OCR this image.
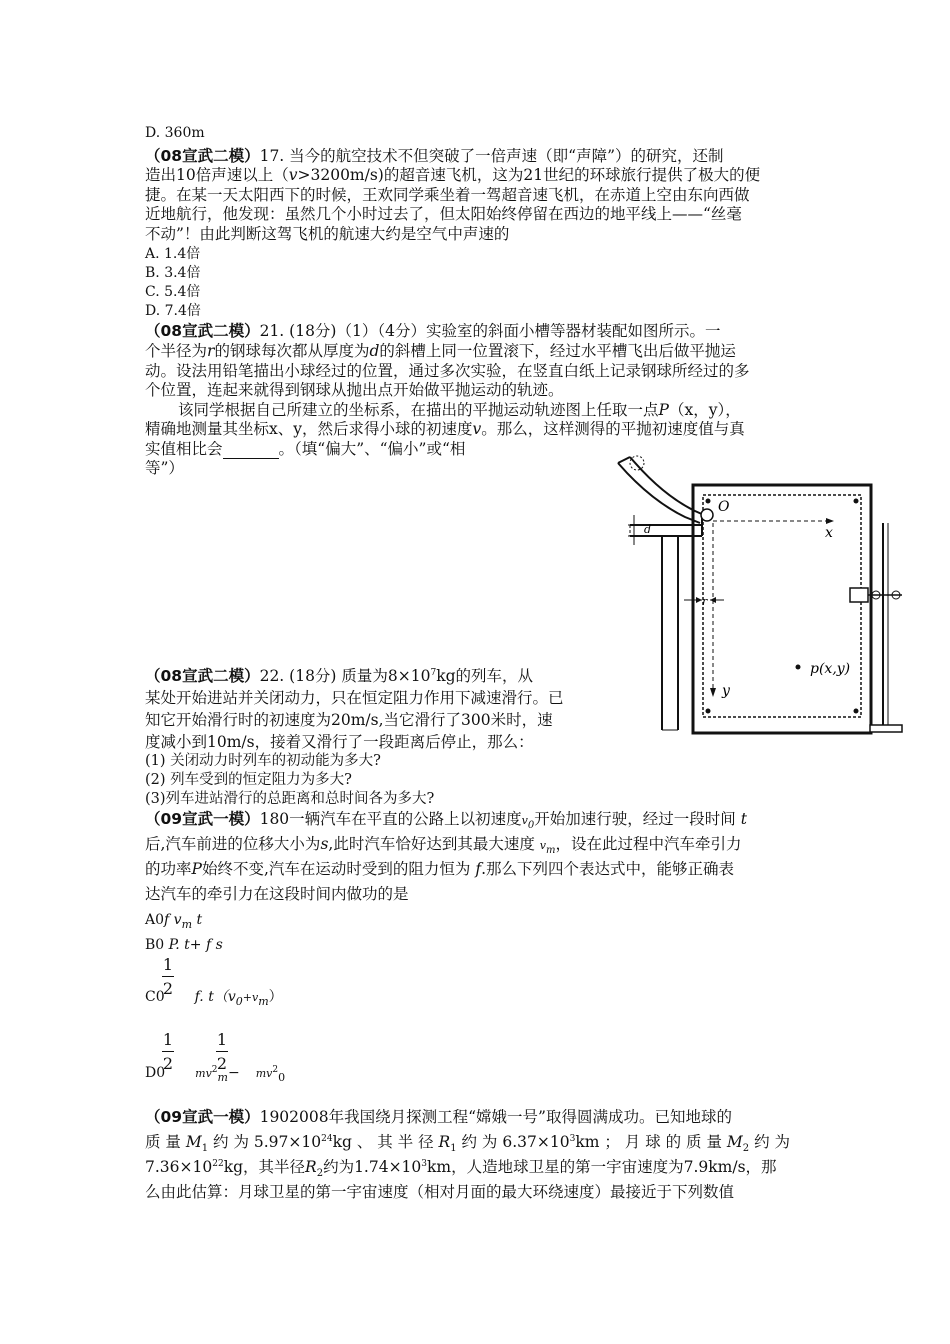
D. 360m
（08宣武二模）17. 当今的航空技术不但突破了一倍声速（即“声障”）的研究，还制
造出10倍声速以上（v>3200m/s)的超音速飞机，这为21世纪的环球旅行提供了极大的便
捷。在某一天太阳西下的时候，王欢同学乘坐着一驾超音速飞机，在赤道上空由东向西做
近地航行，他发现：虽然几个小时过去了，但太阳始终停留在西边的地平线上——“丝毫
不动”！由此判断这驾飞机的航速大约是空气中声速的
A. 1.4倍
B. 3.4倍
C. 5.4倍
D. 7.4倍
（08宣武二模）21. (18分)（1）（4分）实验室的斜面小槽等器材装配如图所示。一
个半径为r的钢球每次都从厚度为d的斜槽上同一位置滚下，经过水平槽飞出后做平抛运
动。设法用铅笔描出小球经过的位置，通过多次实验，在竖直白纸上记录钢球所经过的多
个位置，连起来就得到钢球从抛出点开始做平抛运动的轨迹。
该同学根据自己所建立的坐标系，在描出的平抛运动轨迹图上任取一点P（x，y），
精确地测量其坐标x、y，然后求得小球的初速度v。那么，这样测得的平抛初速度值与真
实值相比会	。（填“偏大”、“偏小”或“相
等”）
d
O
x
y
r
p(x,y)
（08宣武二模）22. (18分) 质量为$8\times 10^7kg$的列车，从
某处开始进站并关闭动力，只在恒定阻力作用下减速滑行。已
知它开始滑行时的初速度为20m/s,当它滑行了300米时，速
度减小到10m/s，接着又滑行了一段距离后停止，那么：
(1) 关闭动力时列车的初动能为多大?
(2) 列车受到的恒定阻力为多大?
(3)列车进站滑行的总距离和总时间各为多大?
（09宣武一模）180一辆汽车在平直的公路上以初速度$v_0$开始加速行驶，经过一段时间 t
后,汽车前进的位移大小为s,此时汽车恰好达到其最大速度 $v_m$，设在此过程中汽车牵引力
的功率P始终不变,汽车在运动时受到的阻力恒为 f.那么下列四个表达式中，能够正确表
达汽车的牵引力在这段时间内做功的是
A0f $v_m$ t
B0 P. t+ f s
1
2
C0 f. $t(v_0+v_m)$
1
2
1
2
D0	$mv^2_m- mv^2_0$
（09宣武一模）1902008年我国绕月探测工程“嫦娥一号”取得圆满成功。已知地球的
质 量 $M_1$ 约 为 $5.97\times 10^{24}kg$ 、 其 半 径 $R_1$ 约 为 $6.37\times 10^3km$ ； 月 球 的 质 量 $M_2$ 约 为
$7.36\times 10^{22}kg$，其半径$R_2$约为$1.74\times 10^3km$，人造地球卫星的第一宇宙速度为7.9km/s，那
么由此估算：月球卫星的第一宇宙速度（相对月面的最大环绕速度）最接近于下列数值
